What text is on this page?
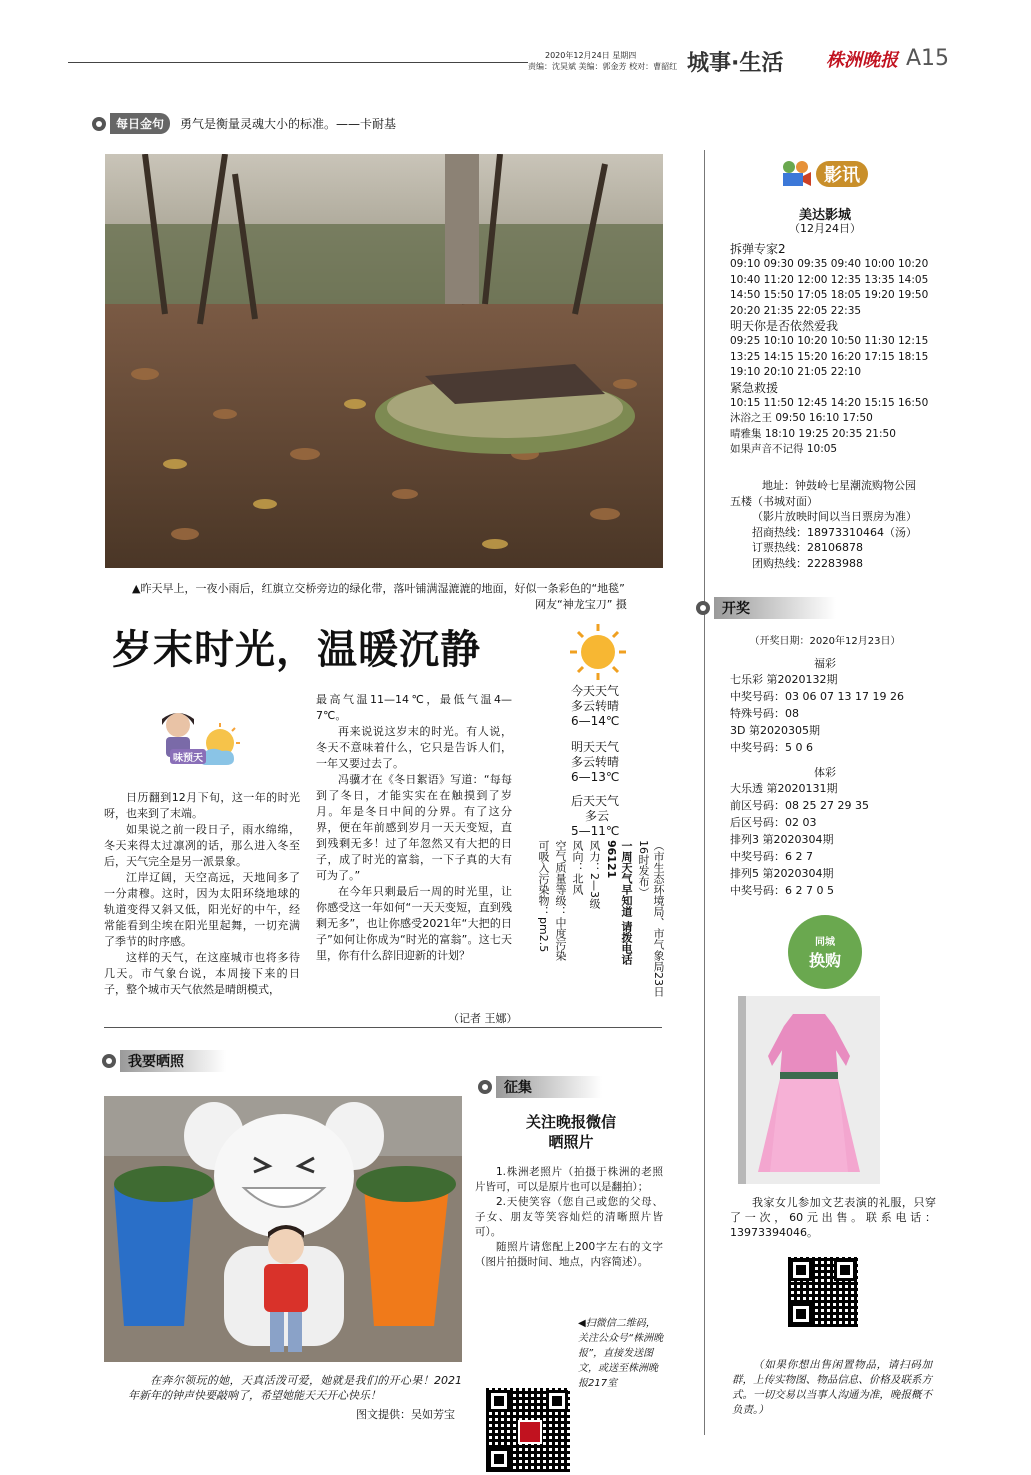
2020年12月24日 星期四
责编：沈昊斌 美编：郭金芳 校对：曹韶红 城事·生活 株洲晚报 A15
每日金句	勇气是衡量灵魂大小的标准。——卡耐基
▲昨天早上，一夜小雨后，红旗立交桥旁边的绿化带，落叶铺满湿漉漉的地面，好似一条彩色的“地毯”
网友“神龙宝刀” 摄
岁末时光，温暖沉静
味预天

日历翻到12月下旬，这一年的时光呀，也来到了末端。

如果说之前一段日子，雨水绵绵，冬天来得太过凛冽的话，那么进入冬至后，天气完全是另一派景象。

江岸辽阔，天空高远，天地间多了一分肃穆。这时，因为太阳环绕地球的轨道变得又斜又低，阳光好的中午，经常能看到尘埃在阳光里起舞，一切充满了季节的时序感。

这样的天气，在这座城市也将多待几天。市气象台说，本周接下来的日子，整个城市天气依然是晴朗模式，

最高气温11—14℃，最低气温4—7℃。

再来说说这岁末的时光。有人说，冬天不意味着什么，它只是告诉人们，一年又要过去了。

冯骥才在《冬日絮语》写道：“每每到了冬日，才能实实在在触摸到了岁月。年是冬日中间的分界。有了这分界，便在年前感到岁月一天天变短，直到残剩无多！过了年忽然又有大把的日子，成了时光的富翁，一下子真的大有可为了。”

在今年只剩最后一周的时光里，让你感受这一年如何“一天天变短，直到残剩无多”，也让你感受2021年“大把的日子”如何让你成为“时光的富翁”。这七天里，你有什么辞旧迎新的计划？

（记者 王娜）
今天天气
多云转晴
6—14℃
明天天气
多云转晴
6—13℃
后天天气
多云
5—11℃
（市生态环境局、市气象局23日16时发布）
一周天气早知道 请拨电话96121
风力：2—3级
风向：北风
空气质量等级：中度污染
可吸入污染物：pm2.5
影讯
美达影城
（12月24日）
拆弹专家2
09:10 09:30 09:35 09:40 10:00 10:20
10:40 11:20 12:00 12:35 13:35 14:05
14:50 15:50 17:05 18:05 19:20 19:50
20:20 21:35 22:05 22:35
明天你是否依然爱我
09:25 10:10 10:20 10:50 11:30 12:15
13:25 14:15 15:20 16:20 17:15 18:15
19:10 20:10 21:05 22:10
紧急救援
10:15 11:50 12:45 14:20 15:15 16:50
沐浴之王 09:50 16:10 17:50
晴雅集 18:10 19:25 20:35 21:50
如果声音不记得 10:05
地址：钟鼓岭七星潮流购物公园
五楼（书城对面）
（影片放映时间以当日票房为准）
招商热线：18973310464（汤）
订票热线：28106878
团购热线：22283988
开奖
（开奖日期：2020年12月23日）
福彩
七乐彩 第2020132期
中奖号码：03 06 07 13 17 19 26
特殊号码：08
3D 第2020305期
中奖号码：5 0 6
体彩
大乐透 第2020131期
前区号码：08 25 27 29 35
后区号码：02 03
排列3 第2020304期
中奖号码：6 2 7
排列5 第2020304期
中奖号码：6 2 7 0 5
同城
换购

我家女儿参加文艺表演的礼服，只穿了一次，60元出售。联系电话：13973394046。

（如果你想出售闲置物品，请扫码加群，上传实物图、物品信息、价格及联系方式。一切交易以当事人沟通为准，晚报概不负责。）

我要晒照

在奔尔领玩的她，天真活泼可爱，她就是我们的开心果！2021年新年的钟声快要敲响了，希望她能天天开心快乐！

图文提供：吴如芳宝
征集
关注晚报微信
晒照片

1.株洲老照片（拍摄于株洲的老照片皆可，可以是原片也可以是翻拍）；

2.天使笑容（您自己或您的父母、子女、朋友等笑容灿烂的清晰照片皆可）。

随照片请您配上200字左右的文字（图片拍摄时间、地点，内容简述）。

◀扫微信二维码，关注公众号“株洲晚报”，直接发送图文，或送至株洲晚报217室
